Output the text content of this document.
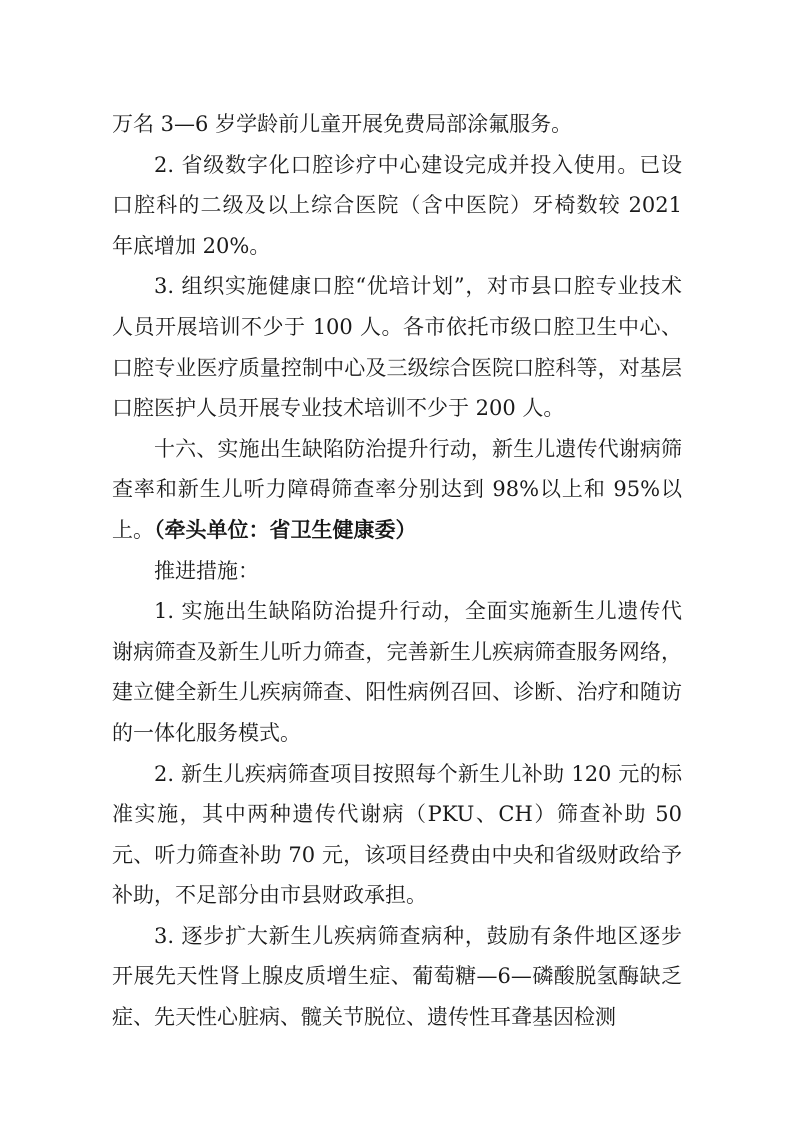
万名 3—6 岁学龄前儿童开展免费局部涂氟服务。

2. 省级数字化口腔诊疗中心建设完成并投入使用。已设口腔科的二级及以上综合医院（含中医院）牙椅数较 2021 年底增加 20%。

3. 组织实施健康口腔“优培计划”，对市县口腔专业技术人员开展培训不少于 100 人。各市依托市级口腔卫生中心、口腔专业医疗质量控制中心及三级综合医院口腔科等，对基层口腔医护人员开展专业技术培训不少于 200 人。

十六、实施出生缺陷防治提升行动，新生儿遗传代谢病筛查率和新生儿听力障碍筛查率分别达到 98%以上和 95%以上。（牵头单位：省卫生健康委）

推进措施：

1. 实施出生缺陷防治提升行动，全面实施新生儿遗传代谢病筛查及新生儿听力筛查，完善新生儿疾病筛查服务网络，建立健全新生儿疾病筛查、阳性病例召回、诊断、治疗和随访的一体化服务模式。

2. 新生儿疾病筛查项目按照每个新生儿补助 120 元的标准实施，其中两种遗传代谢病（PKU、CH）筛查补助 50 元、听力筛查补助 70 元，该项目经费由中央和省级财政给予补助，不足部分由市县财政承担。

3. 逐步扩大新生儿疾病筛查病种，鼓励有条件地区逐步开展先天性肾上腺皮质增生症、葡萄糖—6—磷酸脱氢酶缺乏症、先天性心脏病、髋关节脱位、遗传性耳聋基因检测
